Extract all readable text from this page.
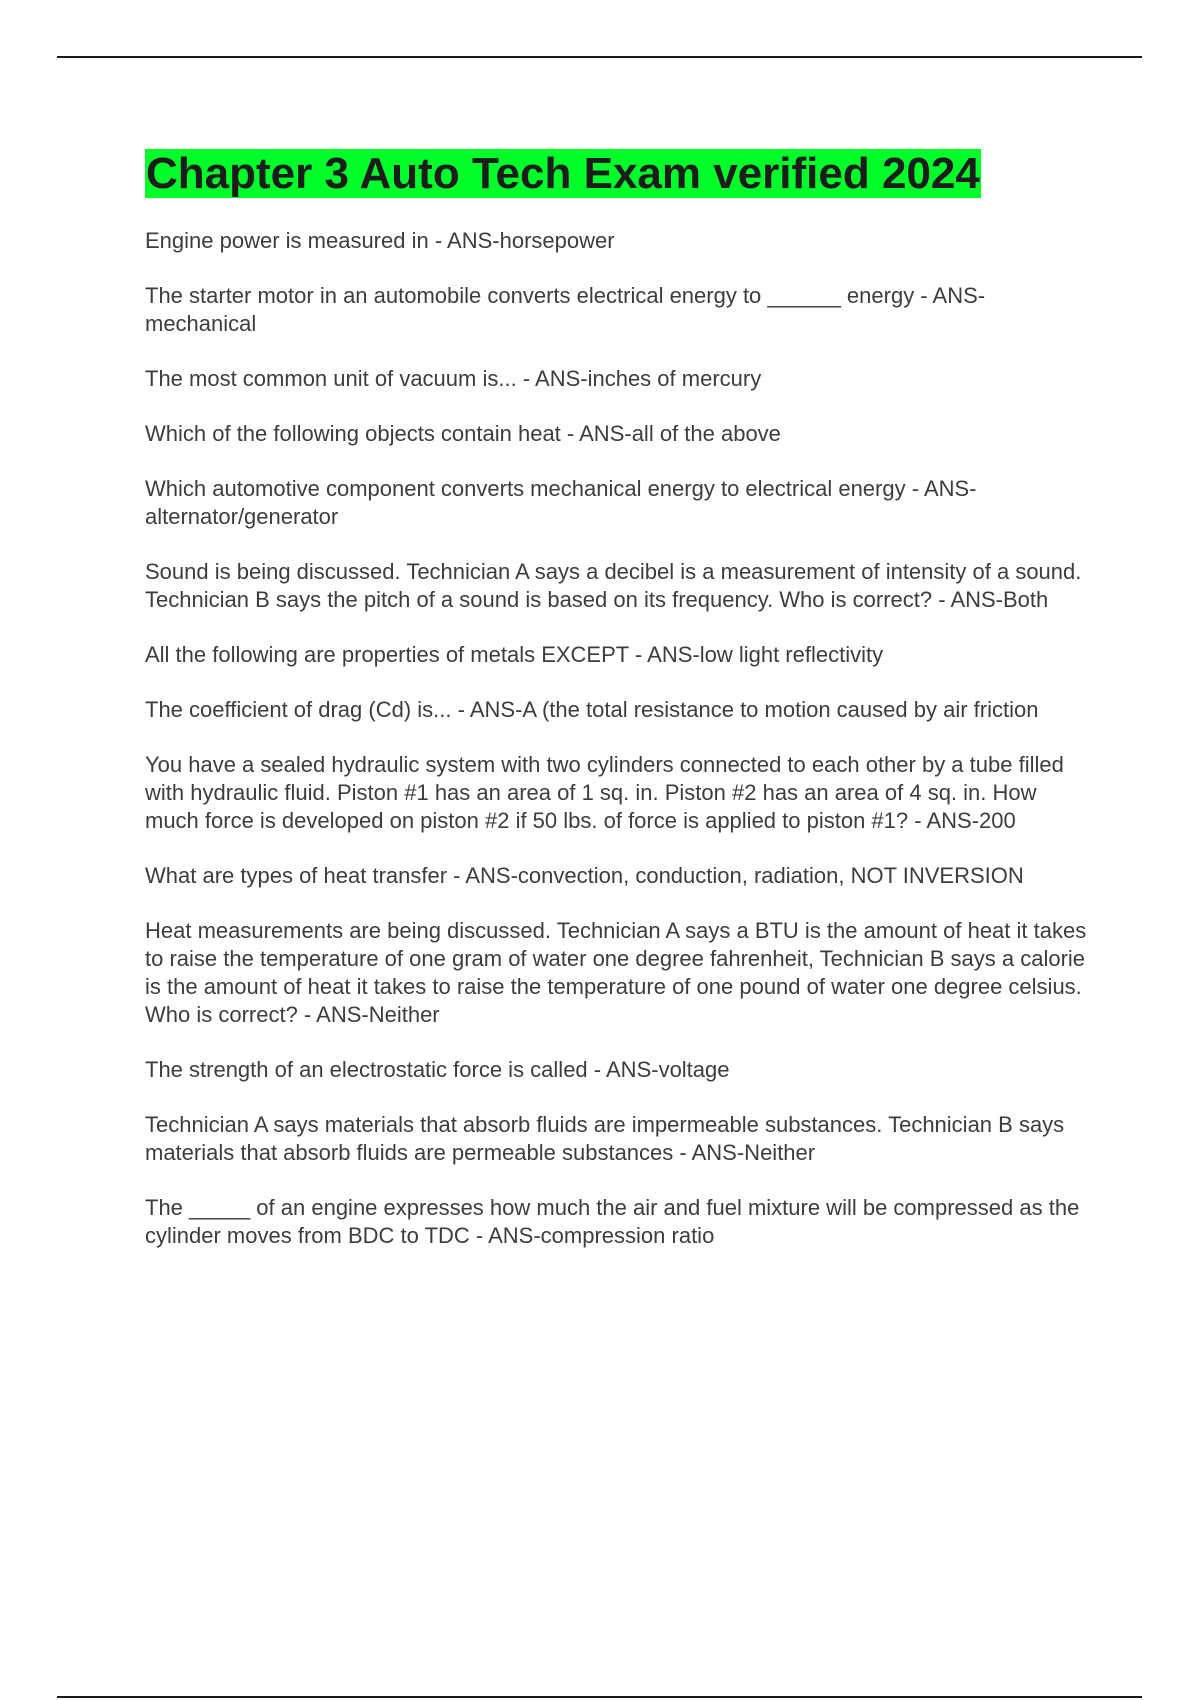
Chapter 3 Auto Tech Exam verified 2024
Engine power is measured in - ANS-horsepower
The starter motor in an automobile converts electrical energy to ______ energy - ANS-mechanical
The most common unit of vacuum is... - ANS-inches of mercury
Which of the following objects contain heat - ANS-all of the above
Which automotive component converts mechanical energy to electrical energy - ANS-alternator/generator
Sound is being discussed. Technician A says a decibel is a measurement of intensity of a sound. Technician B says the pitch of a sound is based on its frequency. Who is correct? - ANS-Both
All the following are properties of metals EXCEPT - ANS-low light reflectivity
The coefficient of drag (Cd) is... - ANS-A (the total resistance to motion caused by air friction
You have a sealed hydraulic system with two cylinders connected to each other by a tube filled with hydraulic fluid. Piston #1 has an area of 1 sq. in. Piston #2 has an area of 4 sq. in. How much force is developed on piston #2 if 50 lbs. of force is applied to piston #1? - ANS-200
What are types of heat transfer - ANS-convection, conduction, radiation, NOT INVERSION
Heat measurements are being discussed. Technician A says a BTU is the amount of heat it takes to raise the temperature of one gram of water one degree fahrenheit, Technician B says a calorie is the amount of heat it takes to raise the temperature of one pound of water one degree celsius. Who is correct? - ANS-Neither
The strength of an electrostatic force is called - ANS-voltage
Technician A says materials that absorb fluids are impermeable substances. Technician B says materials that absorb fluids are permeable substances - ANS-Neither
The _____ of an engine expresses how much the air and fuel mixture will be compressed as the cylinder moves from BDC to TDC - ANS-compression ratio
